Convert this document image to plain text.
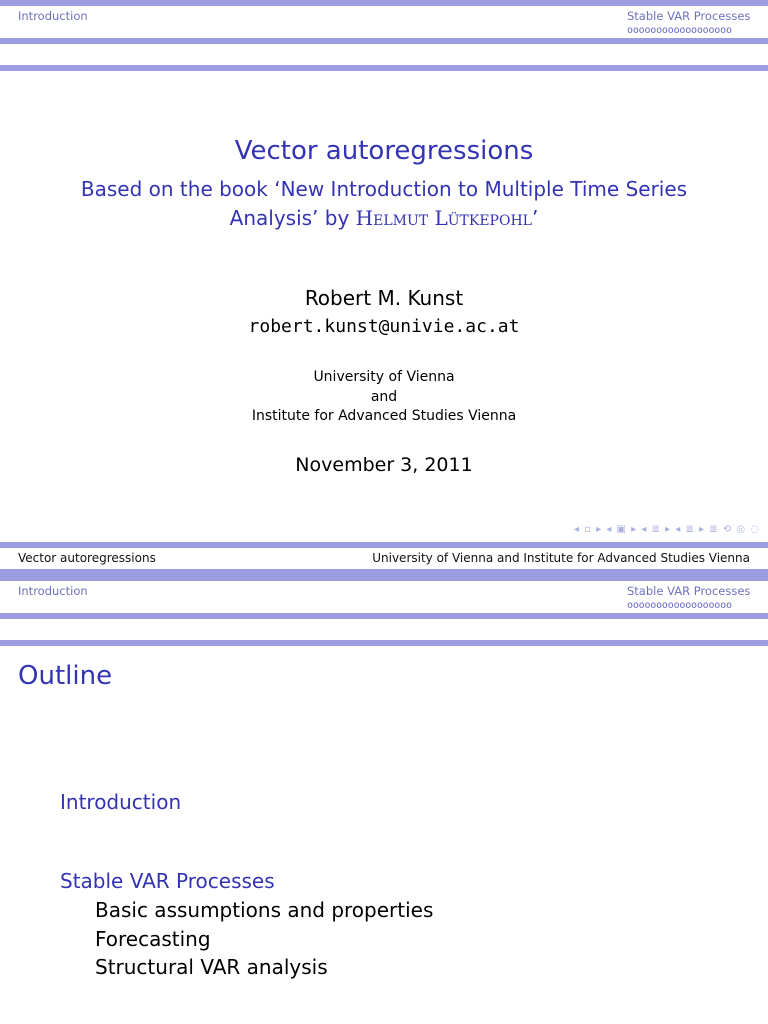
Introduction	Stable VAR Processes
oooooooooooooooooo
Vector autoregressions
Based on the book ‘New Introduction to Multiple Time Series
Analysis’ by Helmut Lütkepohl’
Robert M. Kunst
robert.kunst@univie.ac.at
University of Vienna
and
Institute for Advanced Studies Vienna
November 3, 2011
◂ ▫ ▸ ◂ ▣ ▸ ◂ ≣ ▸ ◂ ≣ ▸ ≣ ⟲ ◎ ◌
Vector autoregressions	University of Vienna and Institute for Advanced Studies Vienna
Introduction	Stable VAR Processes
oooooooooooooooooo
Outline
Introduction
Stable VAR Processes
Basic assumptions and properties
Forecasting
Structural VAR analysis
